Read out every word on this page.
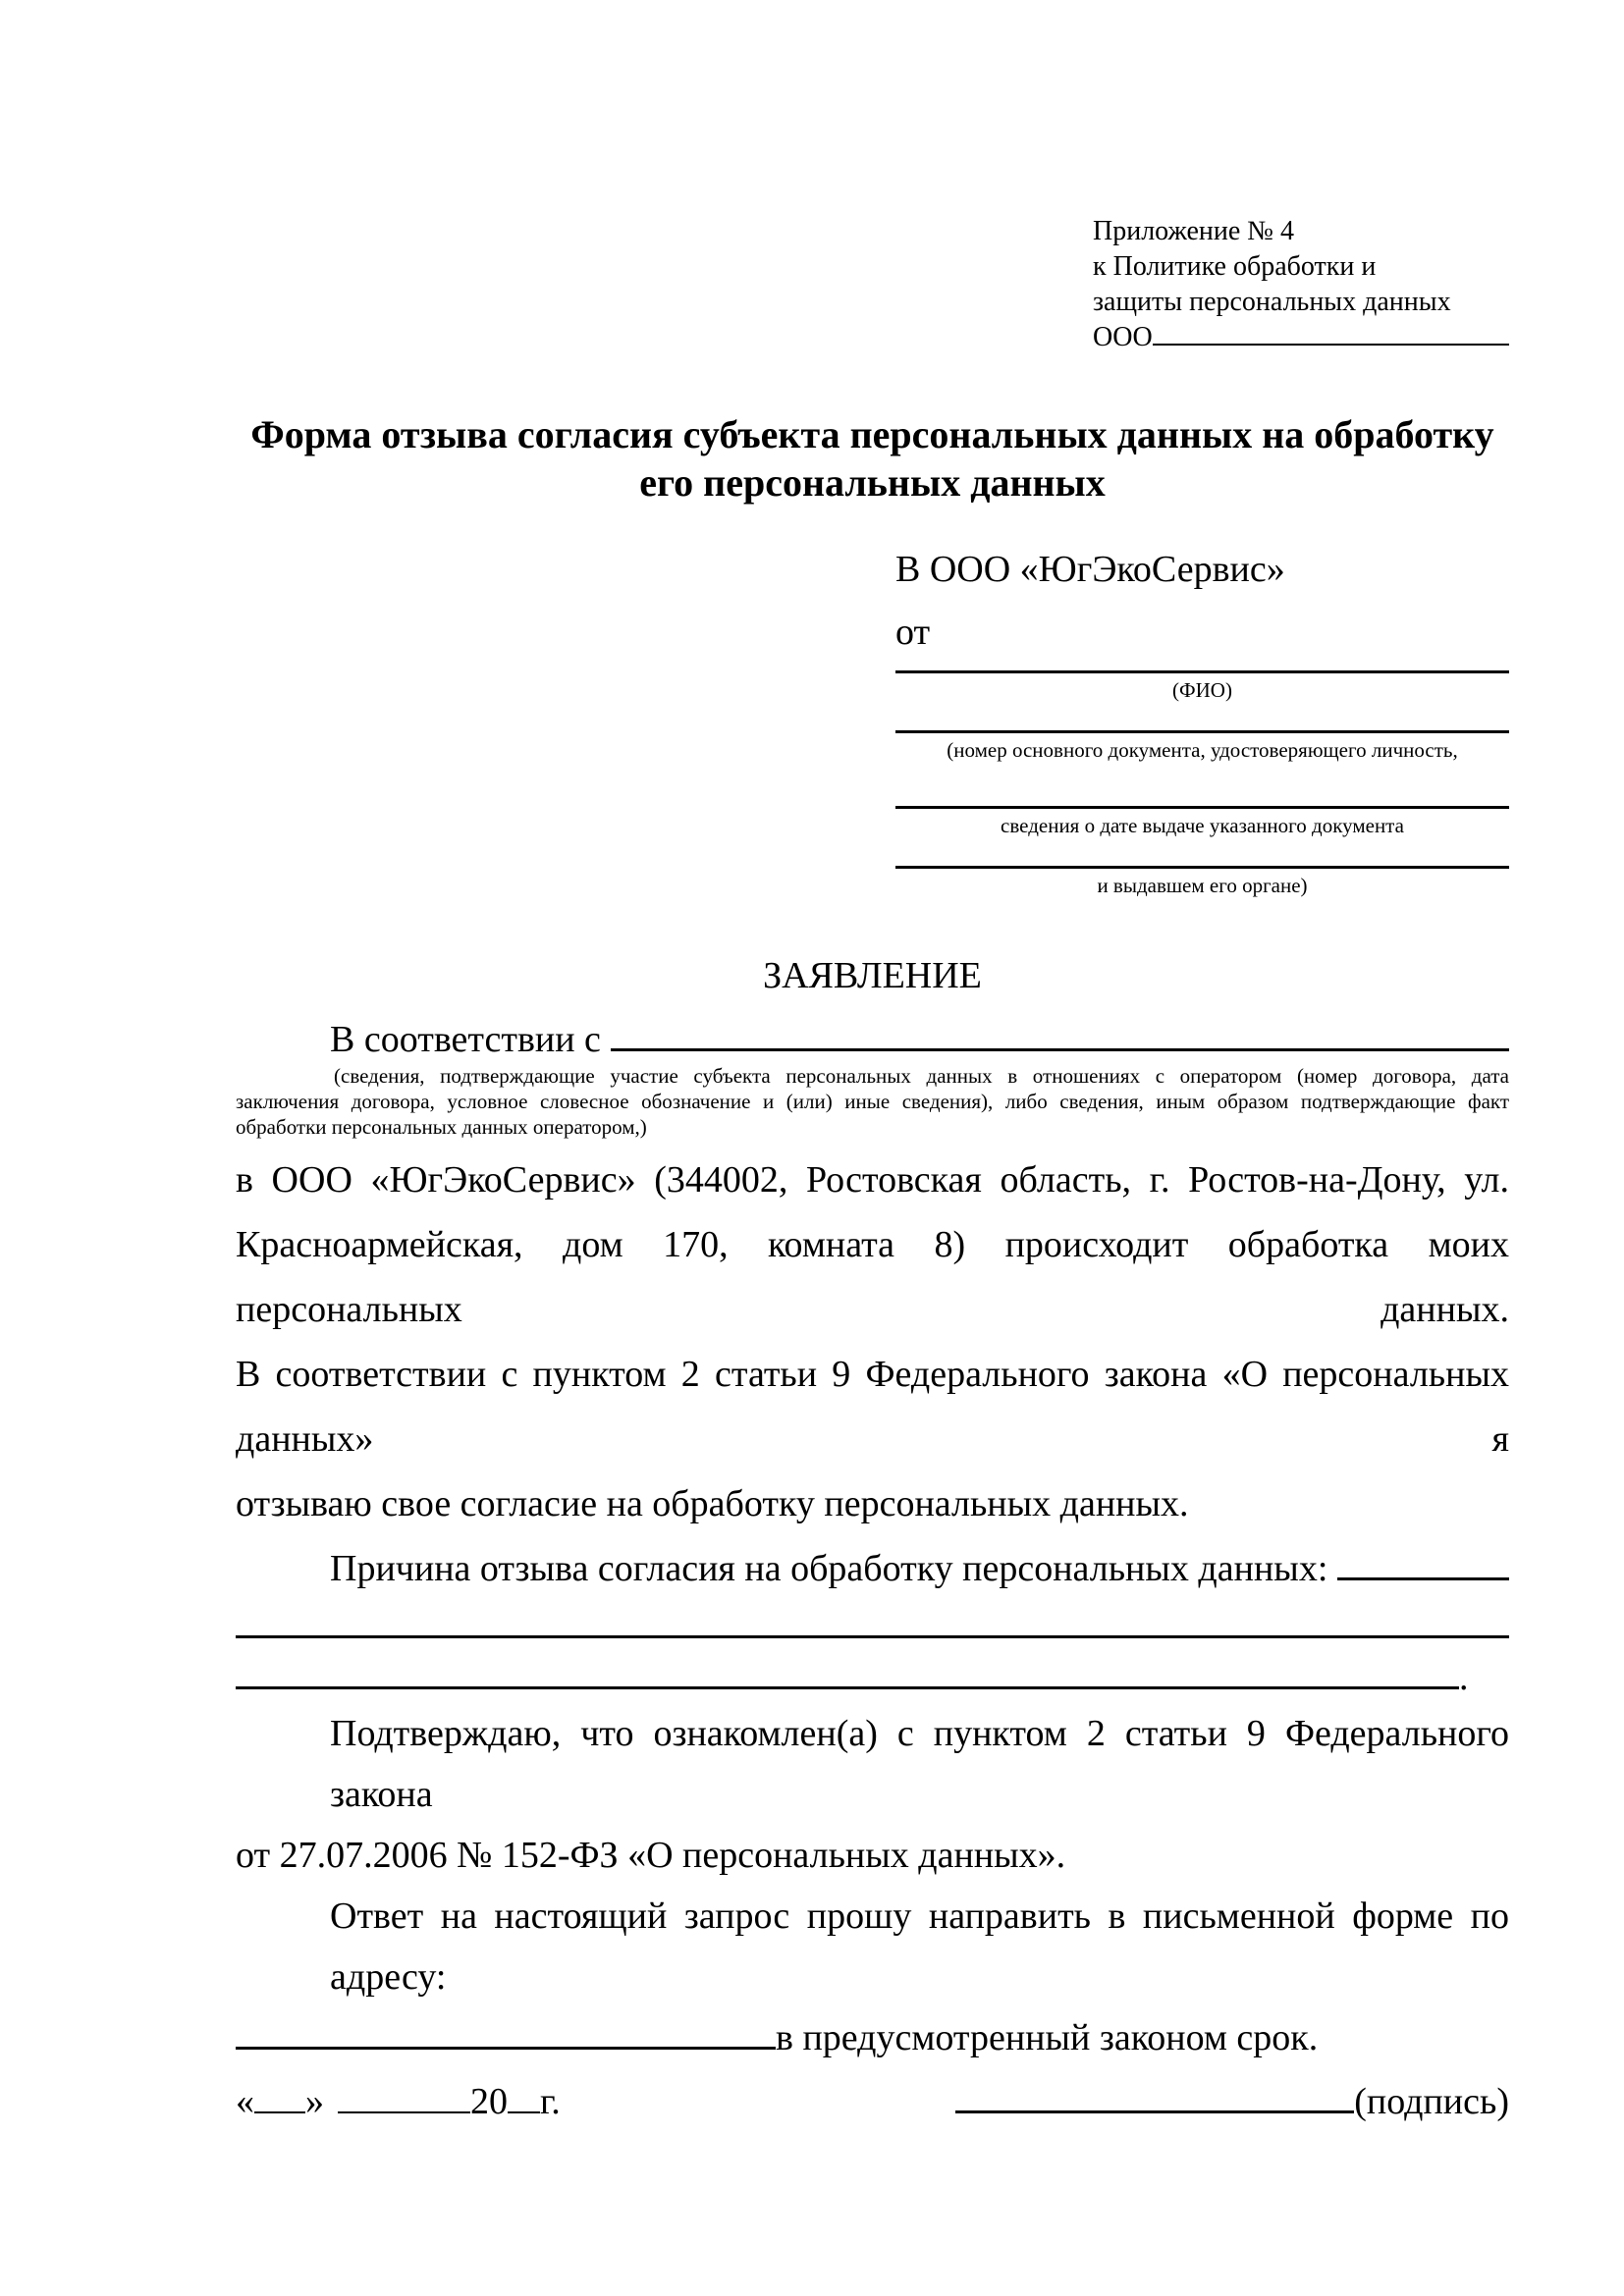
Приложение № 4
к Политике обработки и
защиты персональных данных
ООО
Форма отзыва согласия субъекта персональных данных на обработку
его персональных данных
В ООО «ЮгЭкоСервис»
от
(ФИО)
(номер основного документа, удостоверяющего личность,
сведения о дате выдаче указанного документа
и выдавшем его органе)
ЗАЯВЛЕНИЕ
В соответствии с
(сведения, подтверждающие участие субъекта персональных данных в отношениях с оператором (номер договора, дата
заключения договора, условное словесное обозначение и (или) иные сведения), либо сведения, иным образом подтверждающие факт
обработки персональных данных оператором,)
в ООО «ЮгЭкоСервис» (344002, Ростовская область, г. Ростов-на-Дону, ул.
Красноармейская, дом 170, комната 8) происходит обработка моих персональных данных.
В соответствии с пунктом 2 статьи 9 Федерального закона «О персональных данных» я
отзываю свое согласие на обработку персональных данных.
Причина отзыва согласия на обработку персональных данных:
.
Подтверждаю, что ознакомлен(а) с пунктом 2 статьи 9 Федерального закона
от 27.07.2006 № 152-ФЗ «О персональных данных».
Ответ на настоящий запрос прошу направить в письменной форме по адресу:
в предусмотренный законом срок.
« »	20 г.	(подпись)
